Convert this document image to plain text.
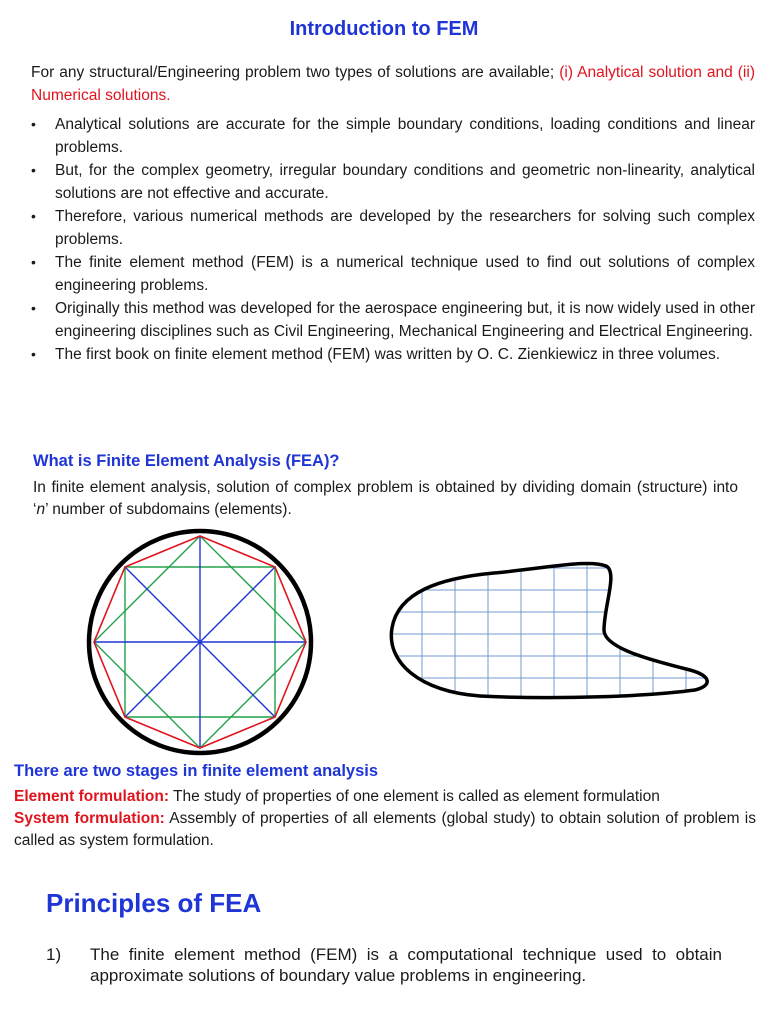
Introduction to FEM

For any structural/Engineering problem two types of solutions are available; (i) Analytical solution and (ii) Numerical solutions.

• Analytical solutions are accurate for the simple boundary conditions, loading conditions and linear problems.
• But, for the complex geometry, irregular boundary conditions and geometric non-linearity, analytical solutions are not effective and accurate.
• Therefore, various numerical methods are developed by the researchers for solving such complex problems.
• The finite element method (FEM) is a numerical technique used to find out solutions of complex engineering problems.
• Originally this method was developed for the aerospace engineering but, it is now widely used in other engineering disciplines such as Civil Engineering, Mechanical Engineering and Electrical Engineering.
• The first book on finite element method (FEM) was written by O. C. Zienkiewicz in three volumes.
What is Finite Element Analysis (FEA)?

In finite element analysis, solution of complex problem is obtained by dividing domain (structure) into ‘n’ number of subdomains (elements).

There are two stages in finite element analysis
Element formulation: The study of properties of one element is called as element formulation
System formulation: Assembly of properties of all elements (global study) to obtain solution of problem is called as system formulation.
Principles of FEA
1) The finite element method (FEM) is a computational technique used to obtain approximate solutions of boundary value problems in engineering.
